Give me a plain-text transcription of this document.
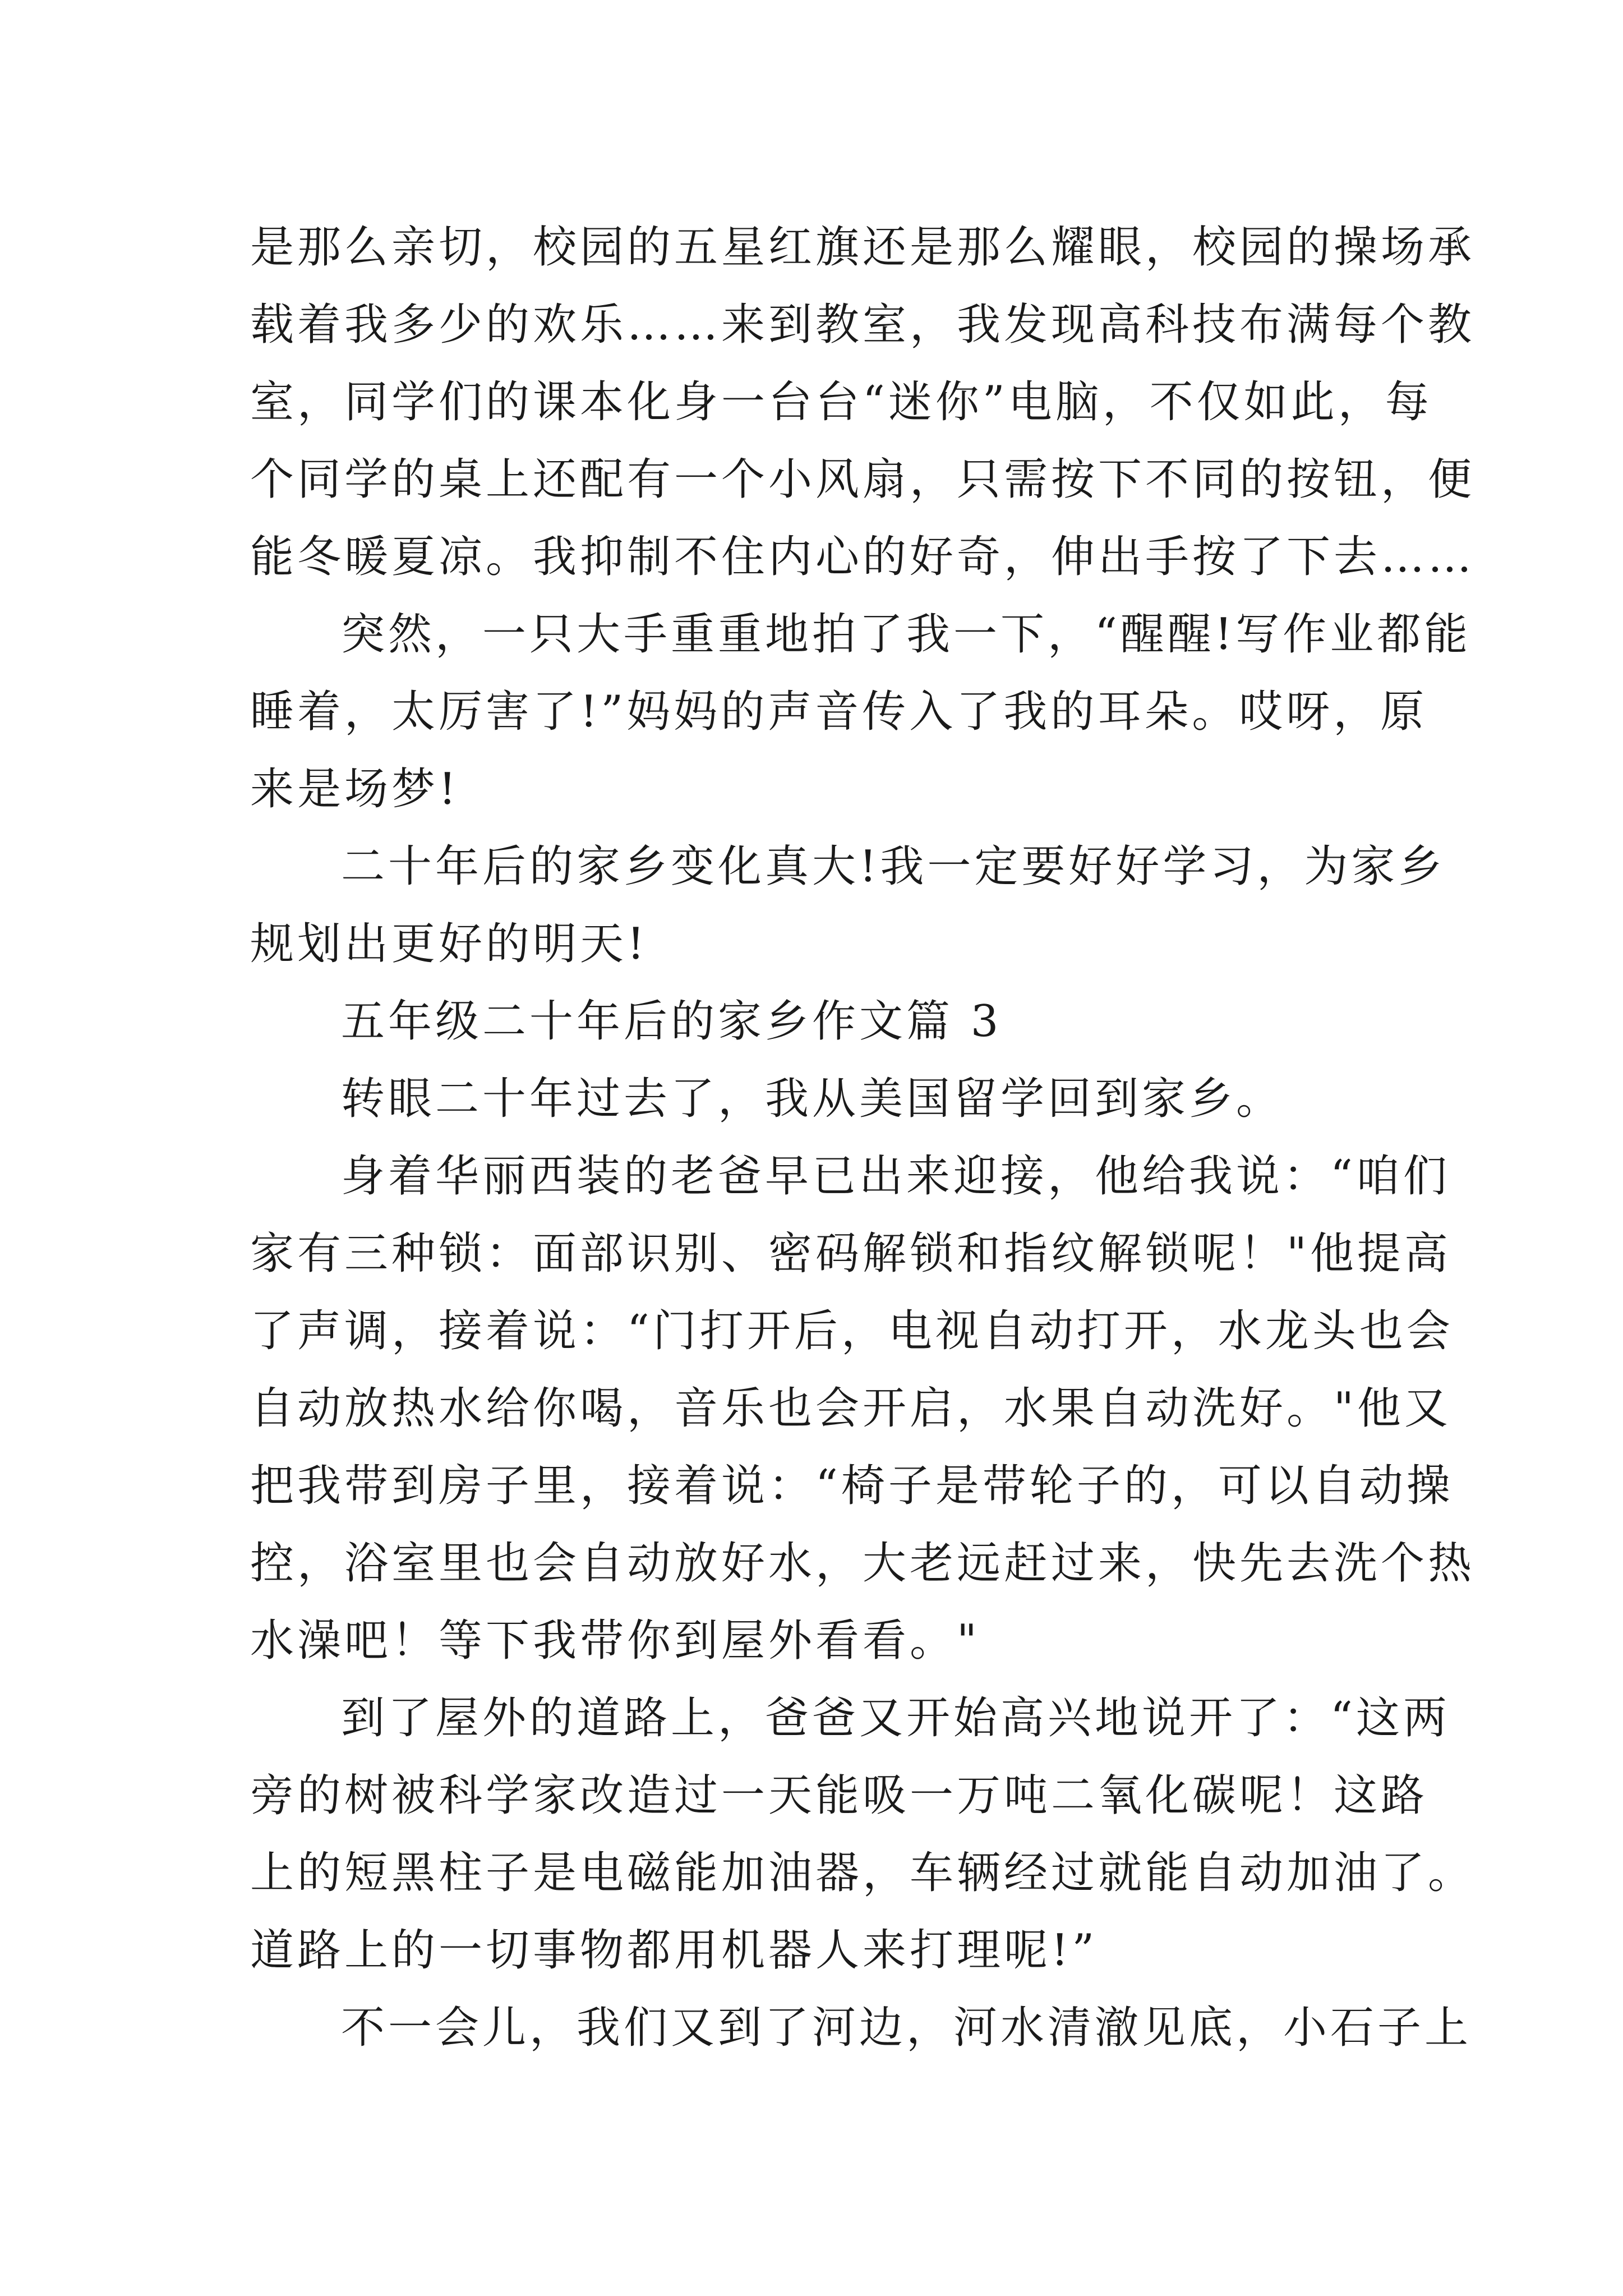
是那么亲切，校园的五星红旗还是那么耀眼，校园的操场承
载着我多少的欢乐……来到教室，我发现高科技布满每个教
室，同学们的课本化身一台台“迷你”电脑，不仅如此，每
个同学的桌上还配有一个小风扇，只需按下不同的按钮，便
能冬暖夏凉。我抑制不住内心的好奇，伸出手按了下去……
突然，一只大手重重地拍了我一下，“醒醒!写作业都能
睡着，太厉害了!”妈妈的声音传入了我的耳朵。哎呀，原
来是场梦!
二十年后的家乡变化真大!我一定要好好学习，为家乡
规划出更好的明天!
五年级二十年后的家乡作文篇 3
转眼二十年过去了，我从美国留学回到家乡。
身着华丽西装的老爸早已出来迎接，他给我说：“咱们
家有三种锁：面部识别、密码解锁和指纹解锁呢！"他提高
了声调，接着说：“门打开后，电视自动打开，水龙头也会
自动放热水给你喝，音乐也会开启，水果自动洗好。"他又
把我带到房子里，接着说：“椅子是带轮子的，可以自动操
控，浴室里也会自动放好水，大老远赶过来，快先去洗个热
水澡吧！等下我带你到屋外看看。"
到了屋外的道路上，爸爸又开始高兴地说开了：“这两
旁的树被科学家改造过一天能吸一万吨二氧化碳呢！这路
上的短黑柱子是电磁能加油器，车辆经过就能自动加油了。
道路上的一切事物都用机器人来打理呢!”
不一会儿，我们又到了河边，河水清澈见底，小石子上
